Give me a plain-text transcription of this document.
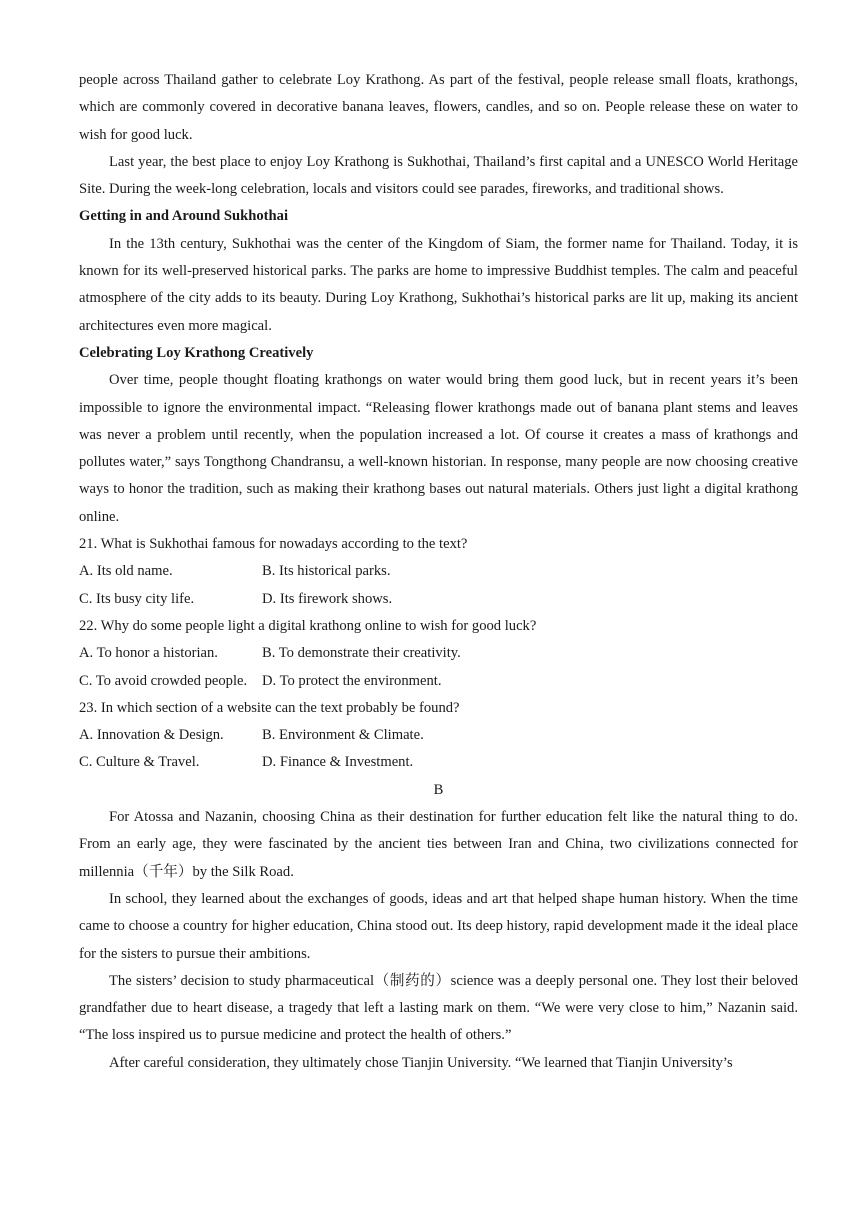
people across Thailand gather to celebrate Loy Krathong. As part of the festival, people release small floats, krathongs, which are commonly covered in decorative banana leaves, flowers, candles, and so on. People release these on water to wish for good luck.

Last year, the best place to enjoy Loy Krathong is Sukhothai, Thailand’s first capital and a UNESCO World Heritage Site. During the week-long celebration, locals and visitors could see parades, fireworks, and traditional shows.

Getting in and Around Sukhothai

In the 13th century, Sukhothai was the center of the Kingdom of Siam, the former name for Thailand. Today, it is known for its well-preserved historical parks. The parks are home to impressive Buddhist temples. The calm and peaceful atmosphere of the city adds to its beauty. During Loy Krathong, Sukhothai’s historical parks are lit up, making its ancient architectures even more magical.

Celebrating Loy Krathong Creatively

Over time, people thought floating krathongs on water would bring them good luck, but in recent years it’s been impossible to ignore the environmental impact. “Releasing flower krathongs made out of banana plant stems and leaves was never a problem until recently, when the population increased a lot. Of course it creates a mass of krathongs and pollutes water,” says Tongthong Chandransu, a well-known historian. In response, many people are now choosing creative ways to honor the tradition, such as making their krathong bases out natural materials. Others just light a digital krathong online.

21. What is Sukhothai famous for nowadays according to the text?

A. Its old name.	B. Its historical parks.
C. Its busy city life.	D. Its firework shows.

22. Why do some people light a digital krathong online to wish for good luck?

A. To honor a historian.	B. To demonstrate their creativity.
C. To avoid crowded people.	D. To protect the environment.

23. In which section of a website can the text probably be found?

A. Innovation & Design.	B. Environment & Climate.
C. Culture & Travel.	D. Finance & Investment.

B

For Atossa and Nazanin, choosing China as their destination for further education felt like the natural thing to do. From an early age, they were fascinated by the ancient ties between Iran and China, two civilizations connected for millennia（千年）by the Silk Road.

In school, they learned about the exchanges of goods, ideas and art that helped shape human history. When the time came to choose a country for higher education, China stood out. Its deep history, rapid development made it the ideal place for the sisters to pursue their ambitions.

The sisters’ decision to study pharmaceutical（制药的）science was a deeply personal one. They lost their beloved grandfather due to heart disease, a tragedy that left a lasting mark on them. “We were very close to him,” Nazanin said. “The loss inspired us to pursue medicine and protect the health of others.”

After careful consideration, they ultimately chose Tianjin University. “We learned that Tianjin University’s
